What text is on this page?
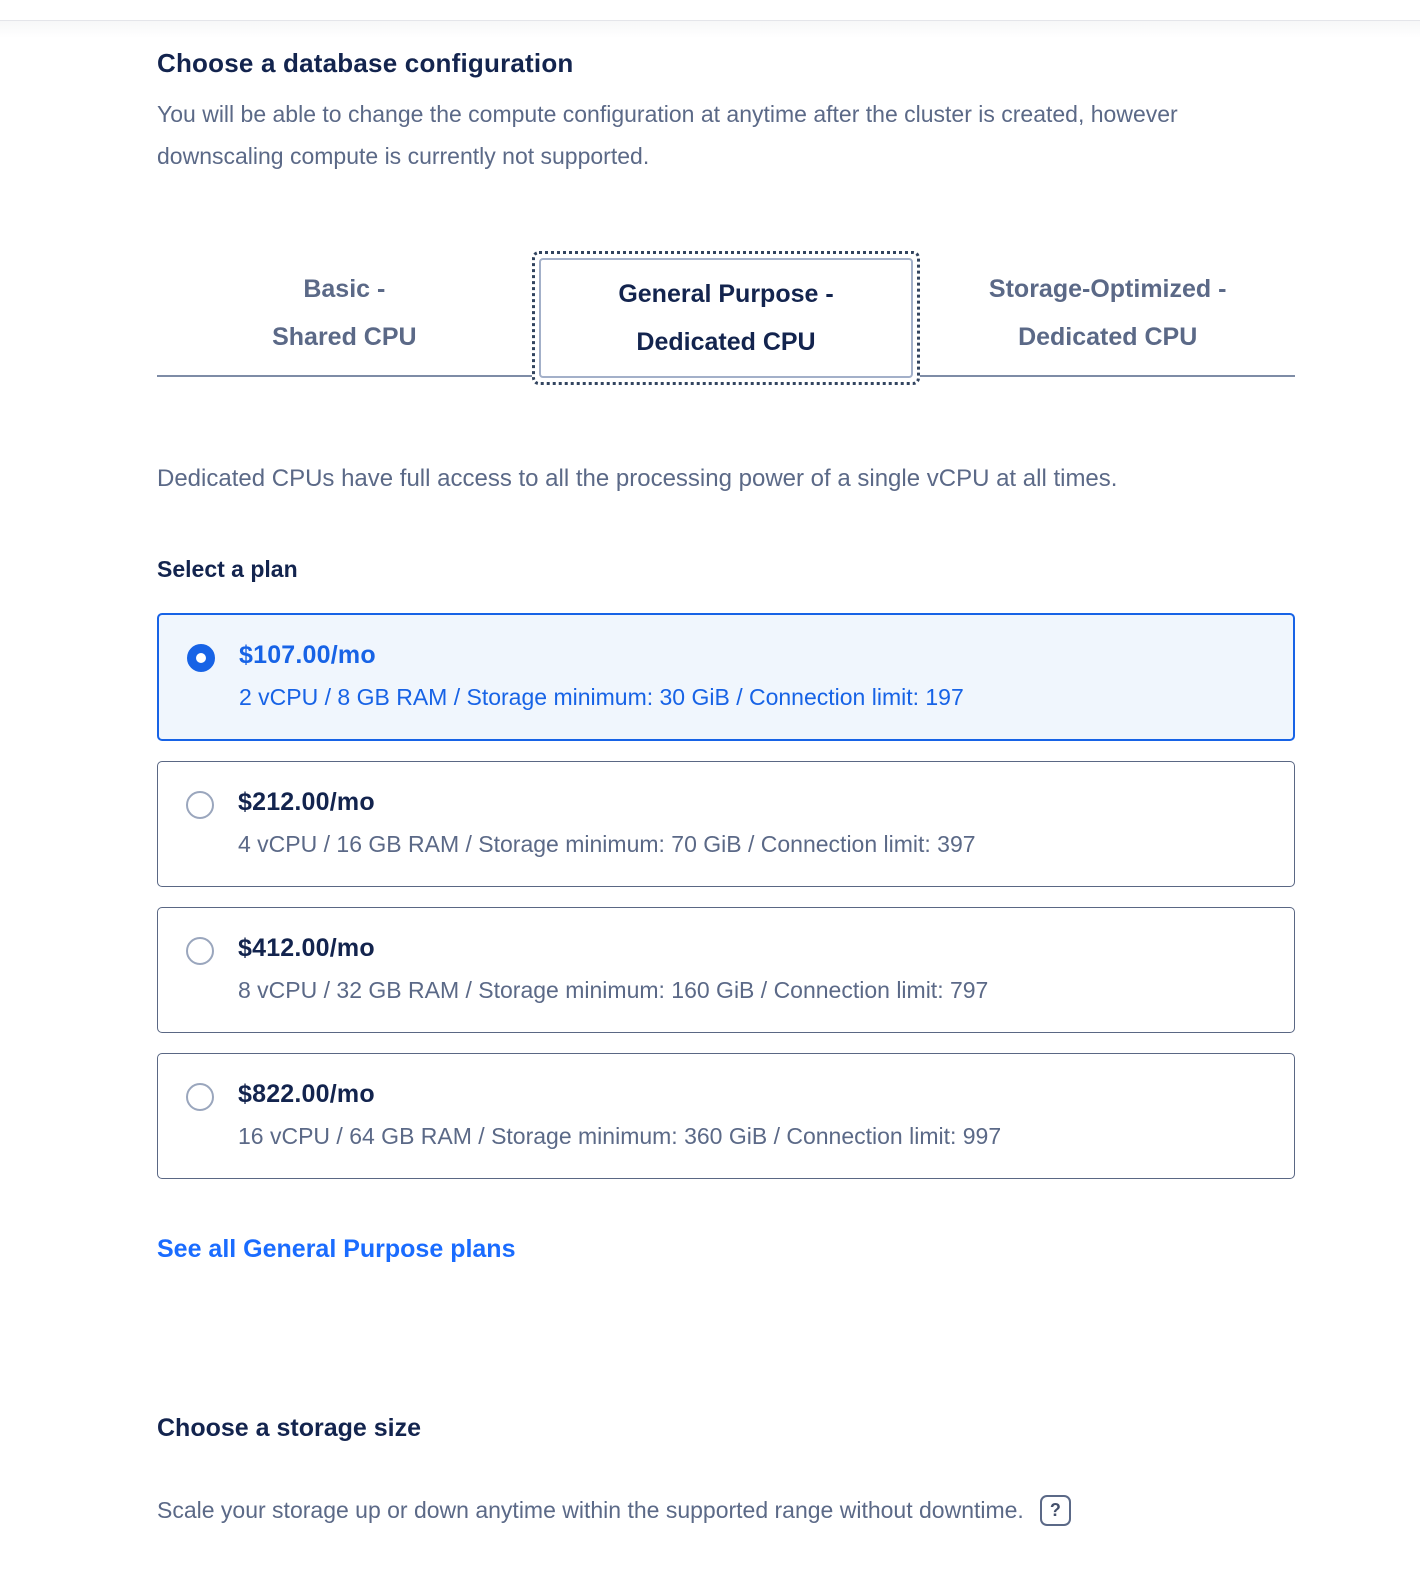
Choose a database configuration

You will be able to change the compute configuration at anytime after the cluster is created, however downscaling compute is currently not supported.

Basic -
Shared CPU
General Purpose -
Dedicated CPU
Storage-Optimized -
Dedicated CPU

Dedicated CPUs have full access to all the processing power of a single vCPU at all times.

Select a plan
$107.00/mo
2 vCPU / 8 GB RAM / Storage minimum: 30 GiB / Connection limit: 197
$212.00/mo
4 vCPU / 16 GB RAM / Storage minimum: 70 GiB / Connection limit: 397
$412.00/mo
8 vCPU / 32 GB RAM / Storage minimum: 160 GiB / Connection limit: 797
$822.00/mo
16 vCPU / 64 GB RAM / Storage minimum: 360 GiB / Connection limit: 997
See all General Purpose plans
Choose a storage size
Scale your storage up or down anytime within the supported range without downtime.	?
